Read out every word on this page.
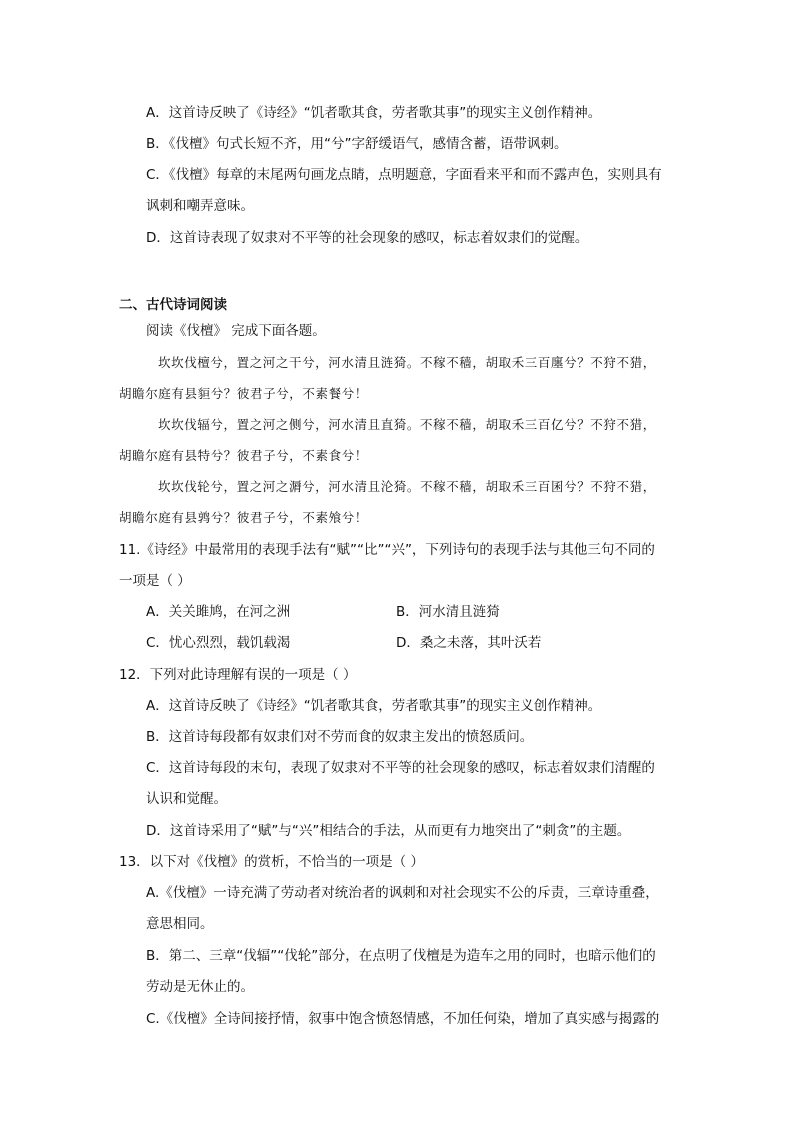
A．这首诗反映了《诗经》“饥者歌其食，劳者歌其事”的现实主义创作精神。
B．《伐檀》句式长短不齐，用“兮”字舒缓语气，感情含蓄，语带讽刺。
C．《伐檀》每章的末尾两句画龙点睛，点明题意，字面看来平和而不露声色，实则具有
讽刺和嘲弄意味。
D．这首诗表现了奴隶对不平等的社会现象的感叹，标志着奴隶们的觉醒。
二、古代诗词阅读
阅读《伐檀》 完成下面各题。
坎坎伐檀兮，置之河之干兮，河水清且涟猗。不稼不穑，胡取禾三百廛兮？不狩不猎，
胡瞻尔庭有县貆兮？彼君子兮，不素餐兮！
坎坎伐辐兮，置之河之侧兮，河水清且直猗。不稼不穑，胡取禾三百亿兮？不狩不猎，
胡瞻尔庭有县特兮？彼君子兮，不素食兮！
坎坎伐轮兮，置之河之漘兮，河水清且沦猗。不稼不穑，胡取禾三百囷兮？不狩不猎，
胡瞻尔庭有县鹑兮？彼君子兮，不素飧兮！
11.《诗经》中最常用的表现手法有“赋”“比”“兴”，下列诗句的表现手法与其他三句不同的
一项是（ ）
A．关关雎鸠，在河之洲	B．河水清且涟猗
C．忧心烈烈，载饥载渴	D．桑之未落，其叶沃若
12．下列对此诗理解有误的一项是（ ）
A．这首诗反映了《诗经》“饥者歌其食，劳者歌其事”的现实主义创作精神。
B．这首诗每段都有奴隶们对不劳而食的奴隶主发出的愤怒质问。
C．这首诗每段的末句，表现了奴隶对不平等的社会现象的感叹，标志着奴隶们清醒的
认识和觉醒。
D．这首诗采用了“赋”与“兴”相结合的手法，从而更有力地突出了“刺贪”的主题。
13．以下对《伐檀》的赏析，不恰当的一项是（ ）
A.《伐檀》一诗充满了劳动者对统治者的讽刺和对社会现实不公的斥责，三章诗重叠，
意思相同。
B．第二、三章“伐辐”“伐轮”部分，在点明了伐檀是为造车之用的同时，也暗示他们的
劳动是无休止的。
C.《伐檀》全诗间接抒情，叙事中饱含愤怒情感，不加任何染，增加了真实感与揭露的
